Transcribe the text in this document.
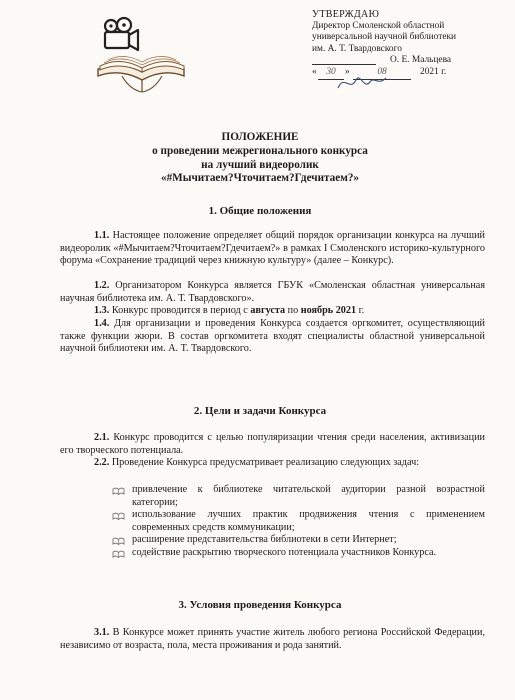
УТВЕРЖДАЮ
Директор Смоленской областной
универсальной научной библиотеки
им. А. Т. Твардовского
О. Е. Мальцева
«	30 »	08	2021 г.
ПОЛОЖЕНИЕ
о проведении межрегионального конкурса
на лучший видеоролик
«#Мычитаем?Чточитаем?Гдечитаем?»
1. Общие положения
1.1. Настоящее положение определяет общий порядок организации конкурса на лучший видеоролик «#Мычитаем?Чточитаем?Гдечитаем?» в рамках I Смоленского историко-культурного форума «Сохранение традиций через книжную культуру» (далее – Конкурс).
1.2. Организатором Конкурса является ГБУК «Смоленская областная универсальная научная библиотека им. А. Т. Твардовского».
1.3. Конкурс проводится в период с августа по ноябрь 2021 г.
1.4. Для организации и проведения Конкурса создается оргкомитет, осуществляющий также функции жюри. В состав оргкомитета входят специалисты областной универсальной научной библиотеки им. А. Т. Твардовского.
2. Цели и задачи Конкурса
2.1. Конкурс проводится с целью популяризации чтения среди населения, активизации его творческого потенциала.
2.2. Проведение Конкурса предусматривает реализацию следующих задач:
привлечение к библиотеке читательской аудитории разной возрастной категории;
использование лучших практик продвижения чтения с применением современных средств коммуникации;
расширение представительства библиотеки в сети Интернет;
содействие раскрытию творческого потенциала участников Конкурса.
3. Условия проведения Конкурса
3.1. В Конкурсе может принять участие житель любого региона Российской Федерации, независимо от возраста, пола, места проживания и рода занятий.
